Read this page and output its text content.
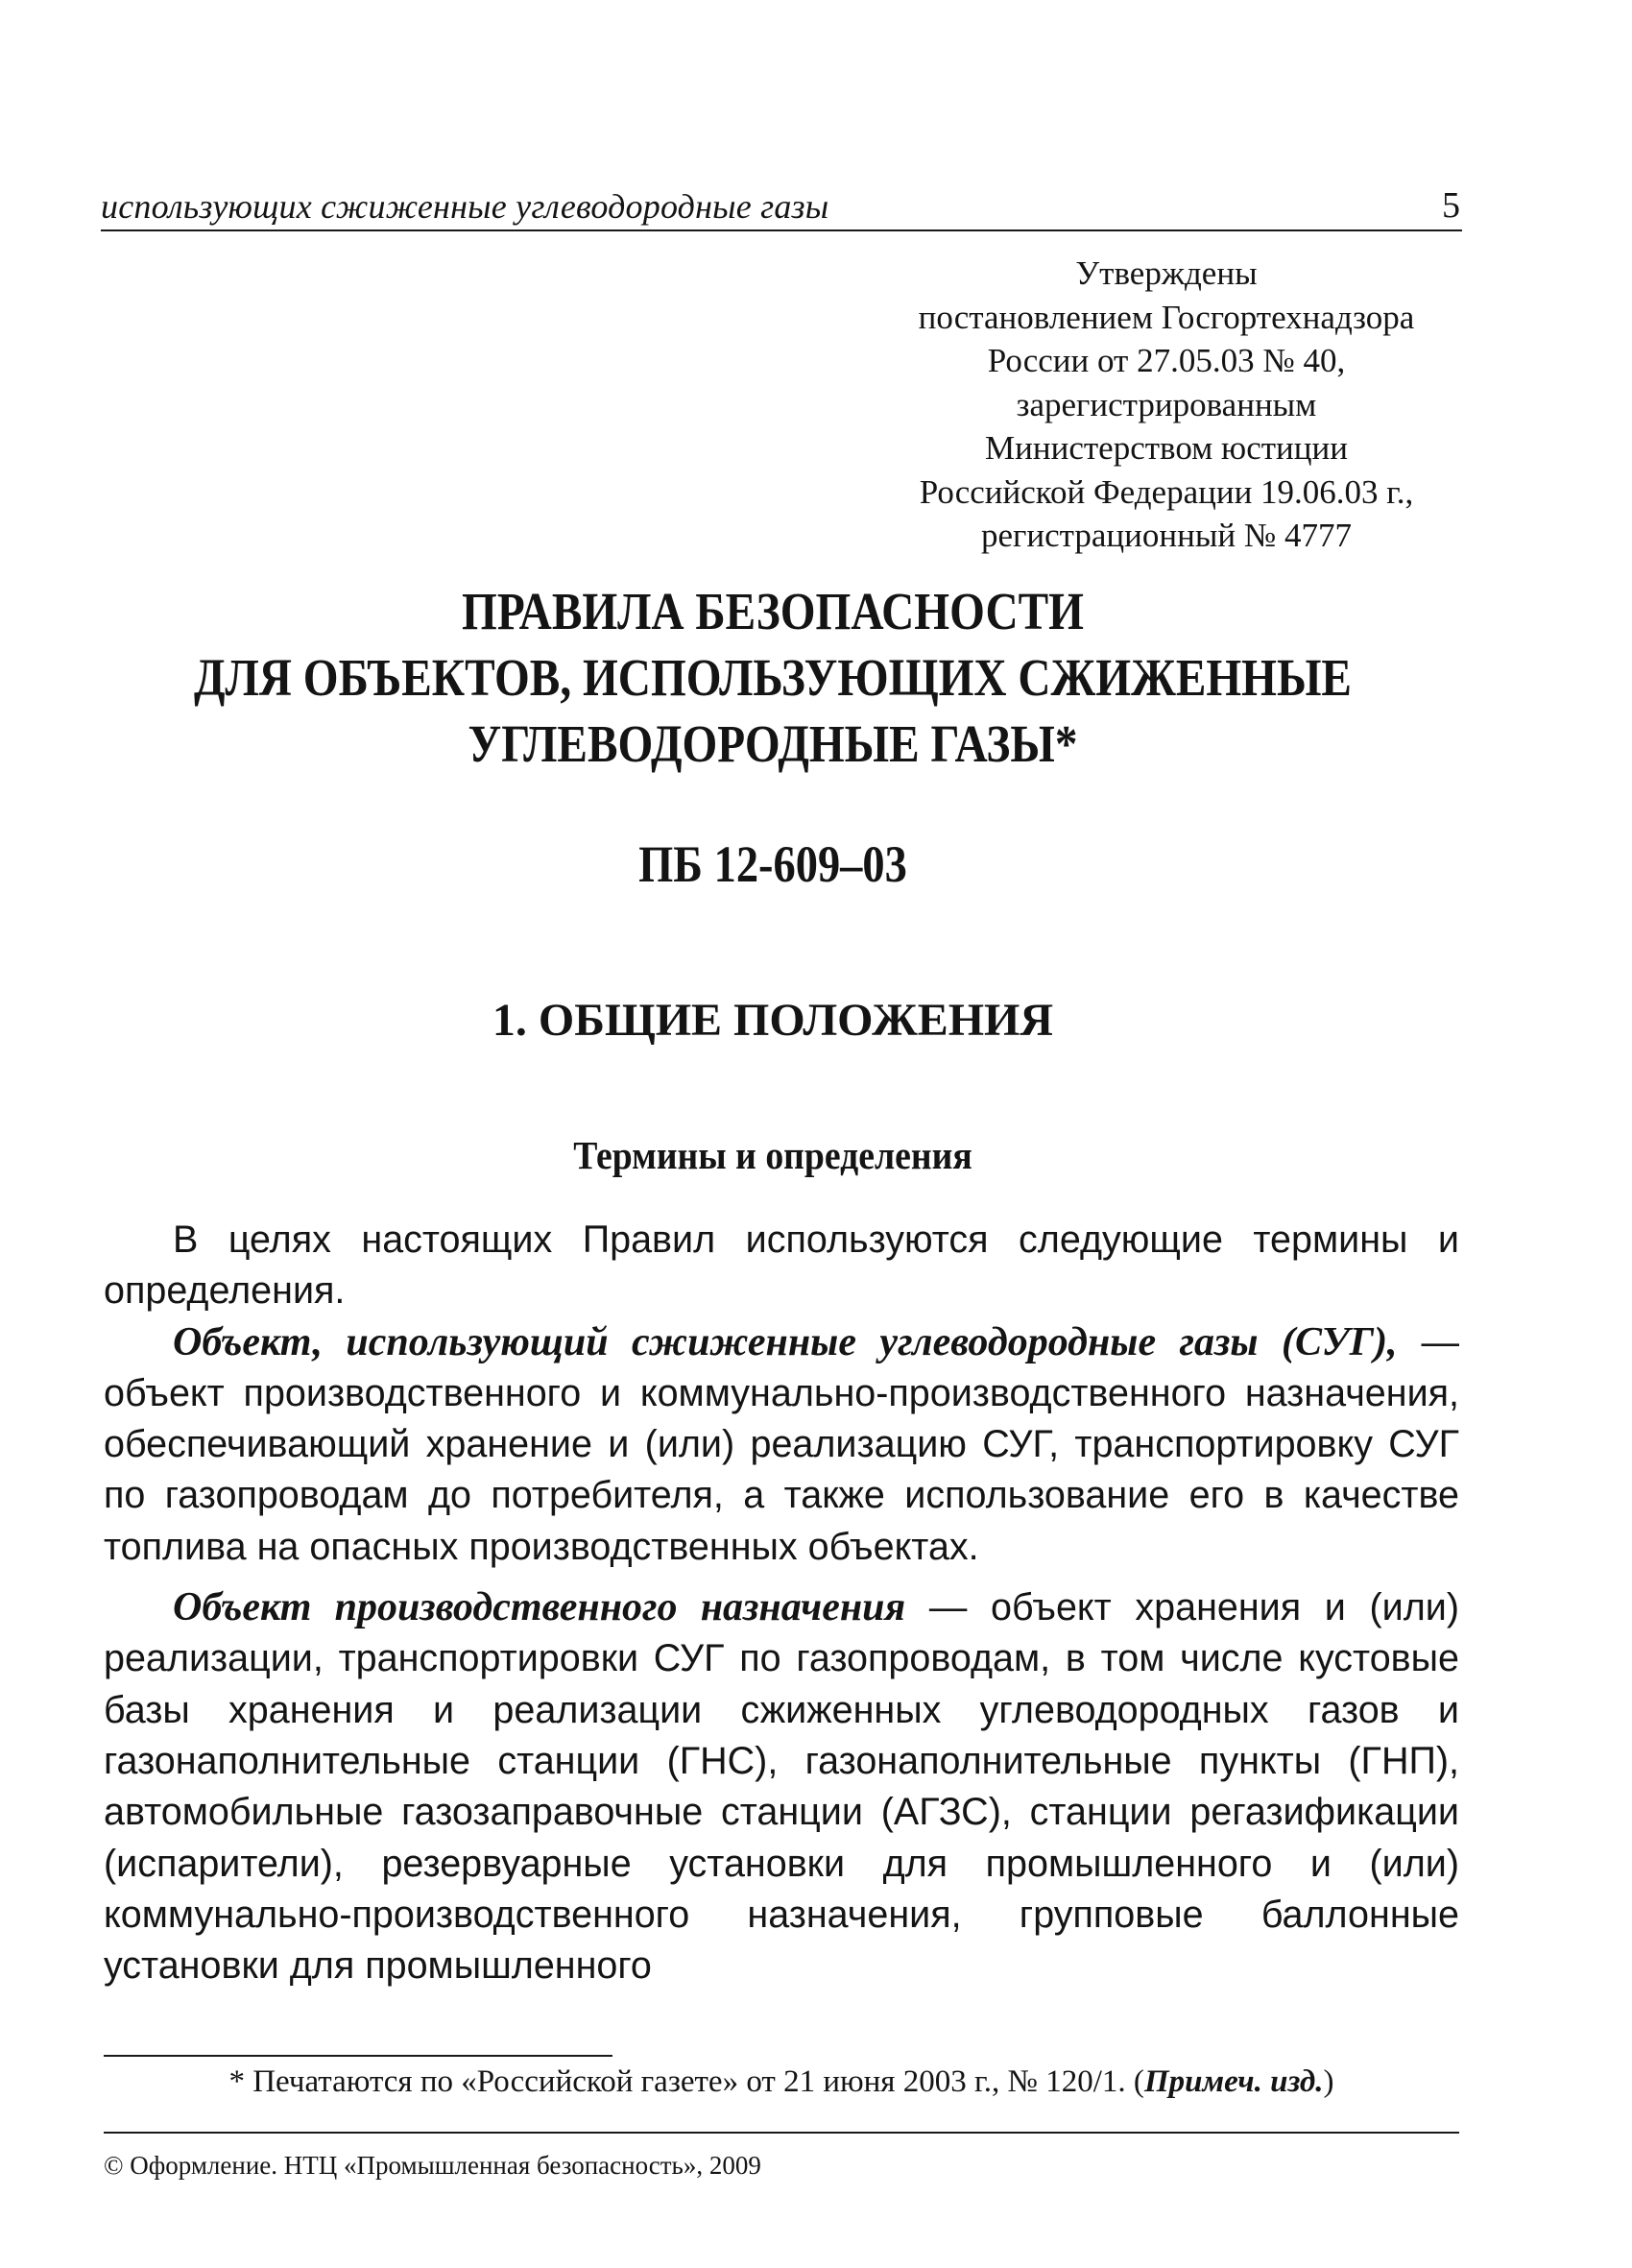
использующих сжиженные углеводородные газы	5
Утверждены
постановлением Госгортехнадзора
России от 27.05.03 № 40,
зарегистрированным
Министерством юстиции
Российской Федерации 19.06.03 г.,
регистрационный № 4777
ПРАВИЛА БЕЗОПАСНОСТИ
ДЛЯ ОБЪЕКТОВ, ИСПОЛЬЗУЮЩИХ СЖИЖЕННЫЕ
УГЛЕВОДОРОДНЫЕ ГАЗЫ*
ПБ 12-609–03
1. ОБЩИЕ ПОЛОЖЕНИЯ
Термины и определения

В целях настоящих Правил используются следующие термины и определения.

Объект, использующий сжиженные углеводородные газы (СУГ), — объект производственного и коммунально-производственного назначения, обеспечивающий хранение и (или) реализацию СУГ, транспортировку СУГ по газопроводам до потребителя, а также использование его в качестве топлива на опасных производственных объектах.

Объект производственного назначения — объект хранения и (или) реализации, транспортировки СУГ по газопроводам, в том числе кустовые базы хранения и реализации сжиженных углеводородных газов и газонаполнительные станции (ГНС), газонаполнительные пункты (ГНП), автомобильные газозаправочные станции (АГЗС), станции регазификации (испарители), резервуарные установки для промышленного и (или) коммунально-производственного назначения, групповые баллонные установки для промышленного

* Печатаются по «Российской газете» от 21 июня 2003 г., № 120/1. (Примеч. изд.)
© Оформление. НТЦ «Промышленная безопасность», 2009
